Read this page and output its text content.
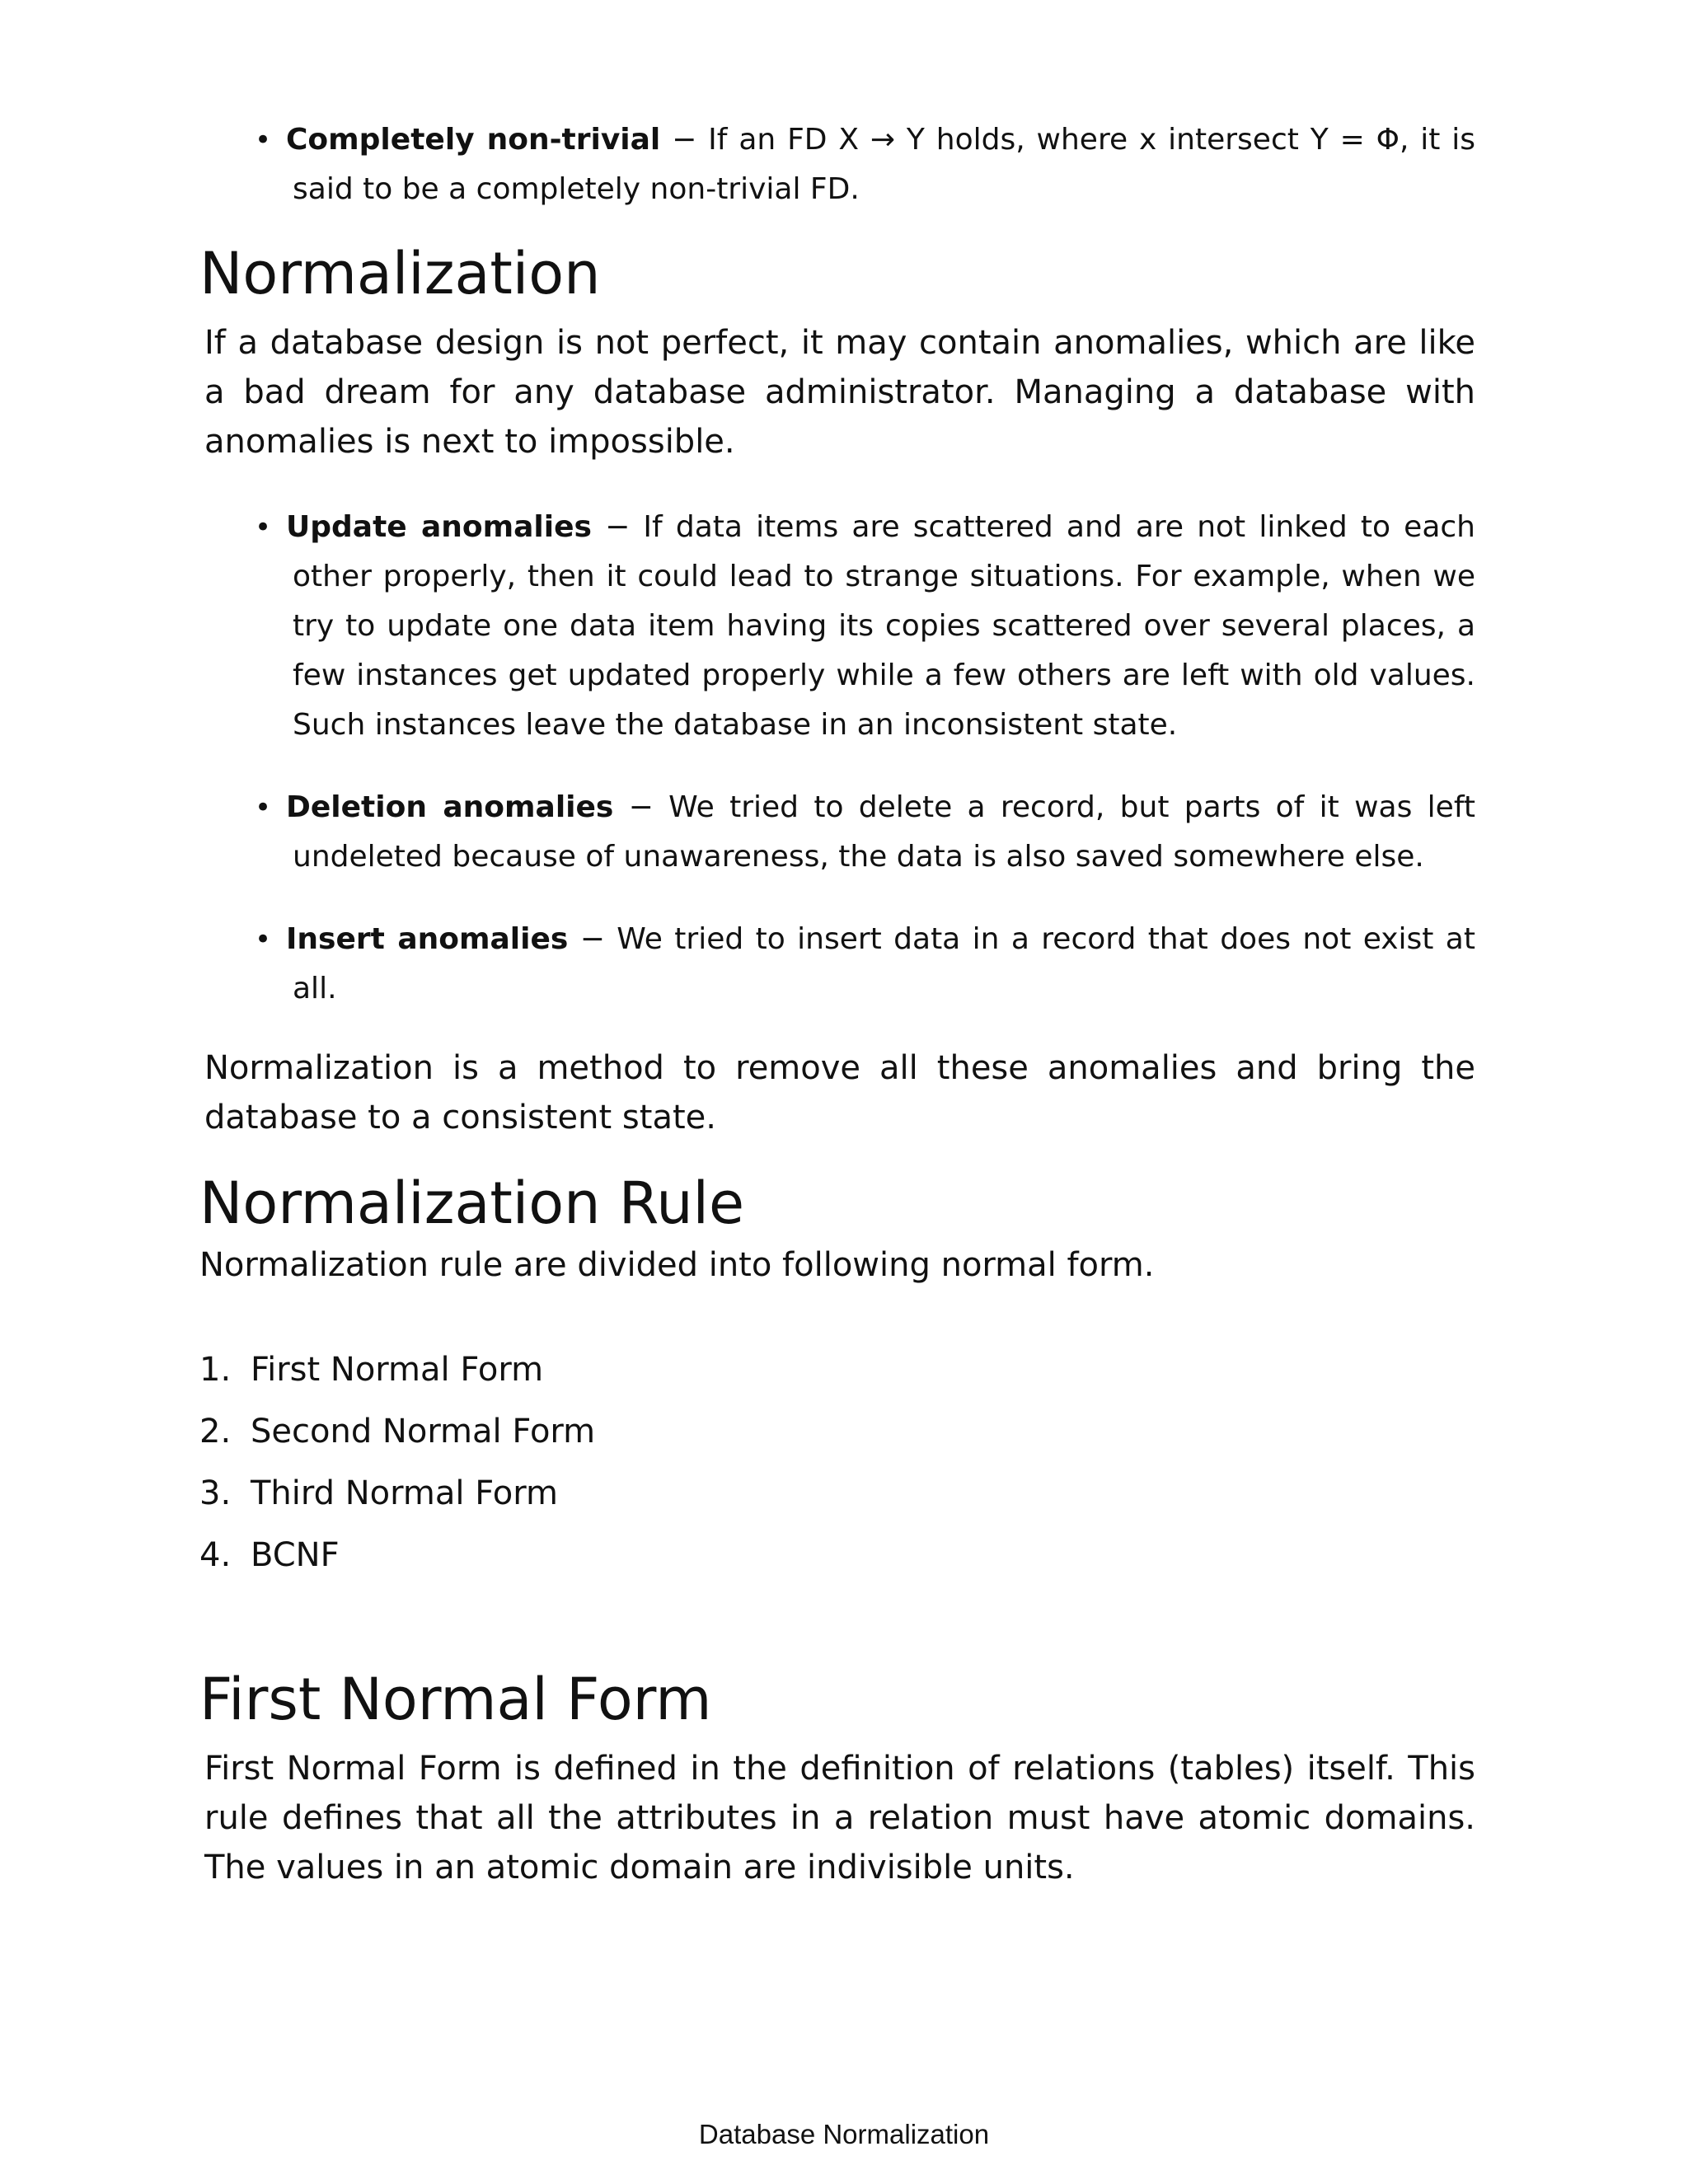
• Completely non-trivial − If an FD X → Y holds, where x intersect Y = Φ, it is said to be a completely non-trivial FD.
Normalization

If a database design is not perfect, it may contain anomalies, which are like a bad dream for any database administrator. Managing a database with anomalies is next to impossible.

• Update anomalies − If data items are scattered and are not linked to each other properly, then it could lead to strange situations. For example, when we try to update one data item having its copies scattered over several places, a few instances get updated properly while a few others are left with old values. Such instances leave the database in an inconsistent state.
• Deletion anomalies − We tried to delete a record, but parts of it was left undeleted because of unawareness, the data is also saved somewhere else.
• Insert anomalies − We tried to insert data in a record that does not exist at all.

Normalization is a method to remove all these anomalies and bring the database to a consistent state.

Normalization Rule

Normalization rule are divided into following normal form.

1. First Normal Form
2. Second Normal Form
3. Third Normal Form
4. BCNF
First Normal Form

First Normal Form is defined in the definition of relations (tables) itself. This rule defines that all the attributes in a relation must have atomic domains. The values in an atomic domain are indivisible units.

Database Normalization
